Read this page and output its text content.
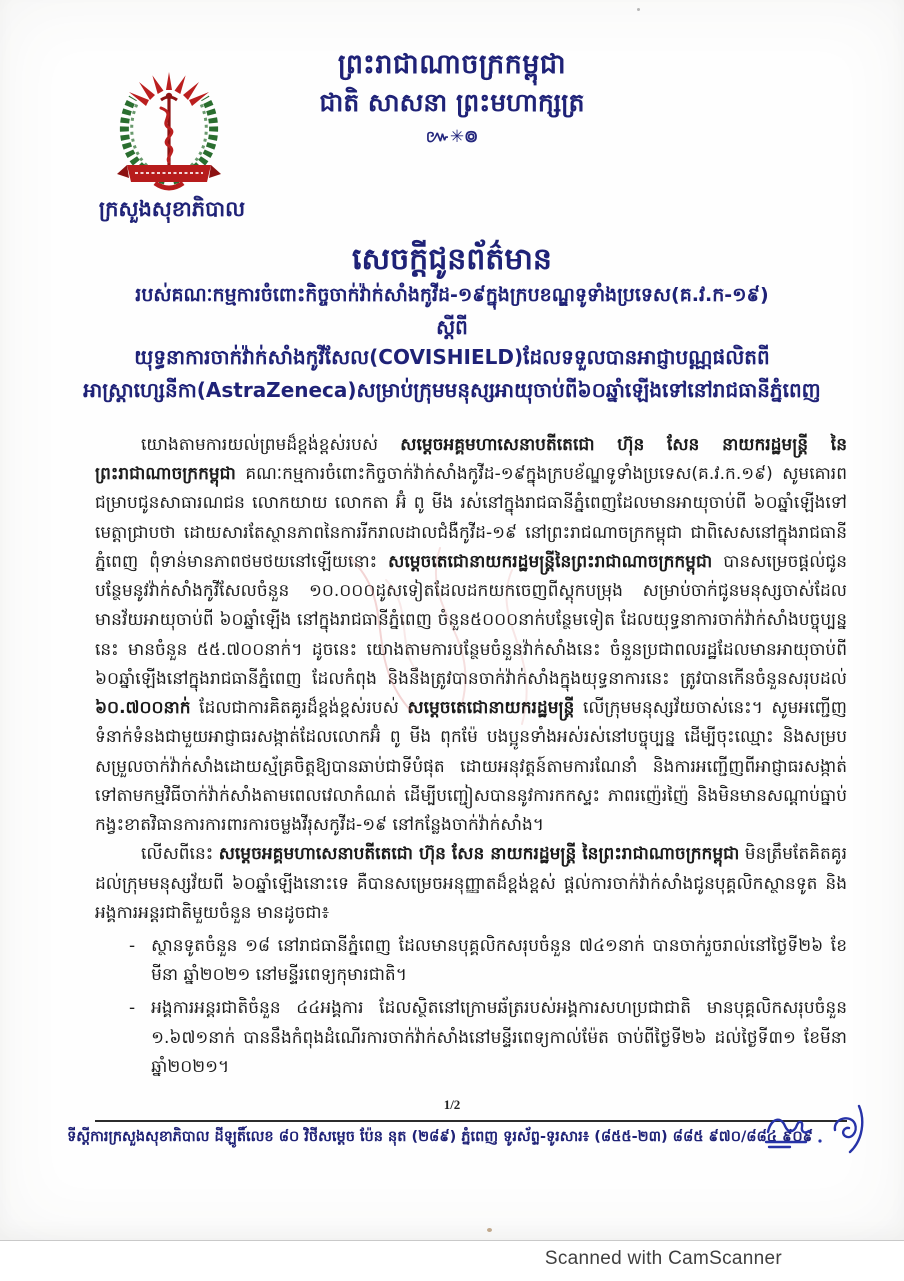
ព្រះរាជាណាចក្រកម្ពុជា
ជាតិ សាសនា ព្រះមហាក្សត្រ
៚✳៙
ក្រសួងសុខាភិបាល
សេចក្តីជូនព័ត៌មាន
របស់គណៈកម្មការចំពោះកិច្ចចាក់វ៉ាក់សាំងកូវីដ-១៩ក្នុងក្របខណ្ឌទូទាំងប្រទេស(គ.វ.ក-១៩)
ស្តីពី
យុទ្ធនាការចាក់វ៉ាក់សាំងកូវីសែល(COVISHIELD)ដែលទទួលបានអាជ្ញាបណ្ណផលិតពី
អាស្ត្រាហ្សេនីកា(AstraZeneca)សម្រាប់ក្រុមមនុស្សអាយុចាប់ពី៦០ឆ្នាំឡើងទៅនៅរាជធានីភ្នំពេញ

យោងតាមការយល់ព្រមដ៏ខ្ពង់ខ្ពស់របស់ សម្តេចអគ្គមហាសេនាបតីតេជោ ហ៊ុន សែន នាយករដ្ឋមន្ត្រី នៃព្រះរាជាណាចក្រកម្ពុជា គណៈកម្មការចំពោះកិច្ចចាក់វ៉ាក់សាំងកូវីដ-១៩ក្នុងក្របខ័ណ្ឌទូទាំងប្រទេស(គ.វ.ក.១៩) សូមគោរពជម្រាបជូនសាធារណជន លោកយាយ លោកតា អ៊ំ ពូ មីង រស់នៅក្នុងរាជធានីភ្នំពេញដែលមានអាយុចាប់ពី ៦០ឆ្នាំឡើងទៅ មេត្តាជ្រាបថា ដោយសារតែស្ថានភាពនៃការរីករាលដាលជំងឺកូវីដ-១៩ នៅព្រះរាជណាចក្រកម្ពុជា ជាពិសេសនៅក្នុងរាជធានីភ្នំពេញ ពុំទាន់មានភាពថមថយនៅឡើយនោះ សម្តេចតេជោនាយករដ្ឋមន្ត្រីនៃព្រះរាជាណាចក្រកម្ពុជា បានសម្រេចផ្តល់ជូនបន្ថែមនូវវ៉ាក់សាំងកូវីសែលចំនួន ១០.០០០ដូសទៀតដែលដកយកចេញពីស្តុកបម្រុង សម្រាប់ចាក់ជូនមនុស្សចាស់ដែលមានវ័យអាយុចាប់ពី ៦០ឆ្នាំឡើង នៅក្នុងរាជធានីភ្នំពេញ ចំនួន៥០០០នាក់បន្ថែមទៀត ដែលយុទ្ធនាការចាក់វ៉ាក់សាំងបច្ចុប្បន្ននេះ មានចំនួន ៥៥.៧០០នាក់។ ដូចនេះ យោងតាមការបន្ថែមចំនួនវ៉ាក់សាំងនេះ ចំនួនប្រជាពលរដ្ឋដែលមានអាយុចាប់ពី ៦០ឆ្នាំឡើងនៅក្នុងរាជធានីភ្នំពេញ ដែលកំពុង និងនឹងត្រូវបានចាក់វ៉ាក់សាំងក្នុងយុទ្ធនាការនេះ ត្រូវបានកើនចំនួនសរុបដល់ ៦០.៧០០នាក់ ដែលជាការគិតគូរដ៏ខ្ពង់ខ្ពស់របស់ សម្តេចតេជោនាយករដ្ឋមន្ត្រី លើក្រុមមនុស្សវ័យចាស់នេះ។ សូមអញ្ជើញទំនាក់ទំនងជាមួយអាជ្ញាធរសង្កាត់ដែលលោកអ៊ំ ពូ មីង ពុកម៉ែ បងប្អូនទាំងអស់រស់នៅបច្ចុប្បន្ន ដើម្បីចុះឈ្មោះ និងសម្របសម្រួលចាក់វ៉ាក់សាំងដោយស្ម័គ្រចិត្តឱ្យបានឆាប់ជាទីបំផុត ដោយអនុវត្តន៍តាមការណែនាំ និងការអញ្ជើញពីអាជ្ញាធរសង្កាត់ ទៅតាមកម្មវិធីចាក់វ៉ាក់សាំងតាមពេលវេលាកំណត់ ដើម្បីបញ្ជៀសបាននូវការកកស្ទះ ភាពរញ៉េរញ៉ៃ និងមិនមានសណ្តាប់ធ្នាប់ កង្វះខាតវិធានការការពារការចម្លងវីរុសកូវីដ-១៩ នៅកន្លែងចាក់វ៉ាក់សាំង។

លើសពីនេះ សម្តេចអគ្គមហាសេនាបតីតេជោ ហ៊ុន សែន នាយករដ្ឋមន្ត្រី នៃព្រះរាជាណាចក្រកម្ពុជា មិនត្រឹមតែគិតគូរដល់ក្រុមមនុស្សវ័យពី ៦០ឆ្នាំឡើងនោះទេ គឺបានសម្រេចអនុញ្ញាតដ៏ខ្ពង់ខ្ពស់ ផ្តល់ការចាក់វ៉ាក់សាំងជូនបុគ្គលិកស្ថានទូត និងអង្គការអន្តរជាតិមួយចំនួន មានដូចជា៖

- ស្ថានទូតចំនួន ១៨ នៅរាជធានីភ្នំពេញ ដែលមានបុគ្គលិកសរុបចំនួន ៧៤១នាក់ បានចាក់រួចរាល់នៅថ្ងៃទី២៦ ខែមីនា ឆ្នាំ២០២១ នៅមន្ទីរពេទ្យកុមារជាតិ។
- អង្គការអន្តរជាតិចំនួន ៤៤អង្គការ ដែលស្ថិតនៅក្រោមឆ័ត្ររបស់អង្គការសហប្រជាជាតិ មានបុគ្គលិកសរុបចំនួន ១.៦៧១នាក់ បាននឹងកំពុងដំណើរការចាក់វ៉ាក់សាំងនៅមន្ទីរពេទ្យកាល់ម៉ែត ចាប់ពីថ្ងៃទី២៦ ដល់ថ្ងៃទី៣១ ខែមីនា ឆ្នាំ២០២១។
1/2
ទីស្តីការក្រសួងសុខាភិបាល ដីឡូតិ៍លេខ ៨០ វិថីសម្តេច ប៉ែន នុត (២៨៩) ភ្នំពេញ ទូរស័ព្ទ-ទូរសារ៖ (៨៥៥-២៣) ៨៨៥ ៩៧០/៨៨៤ ៩០៩
Scanned with CamScanner
